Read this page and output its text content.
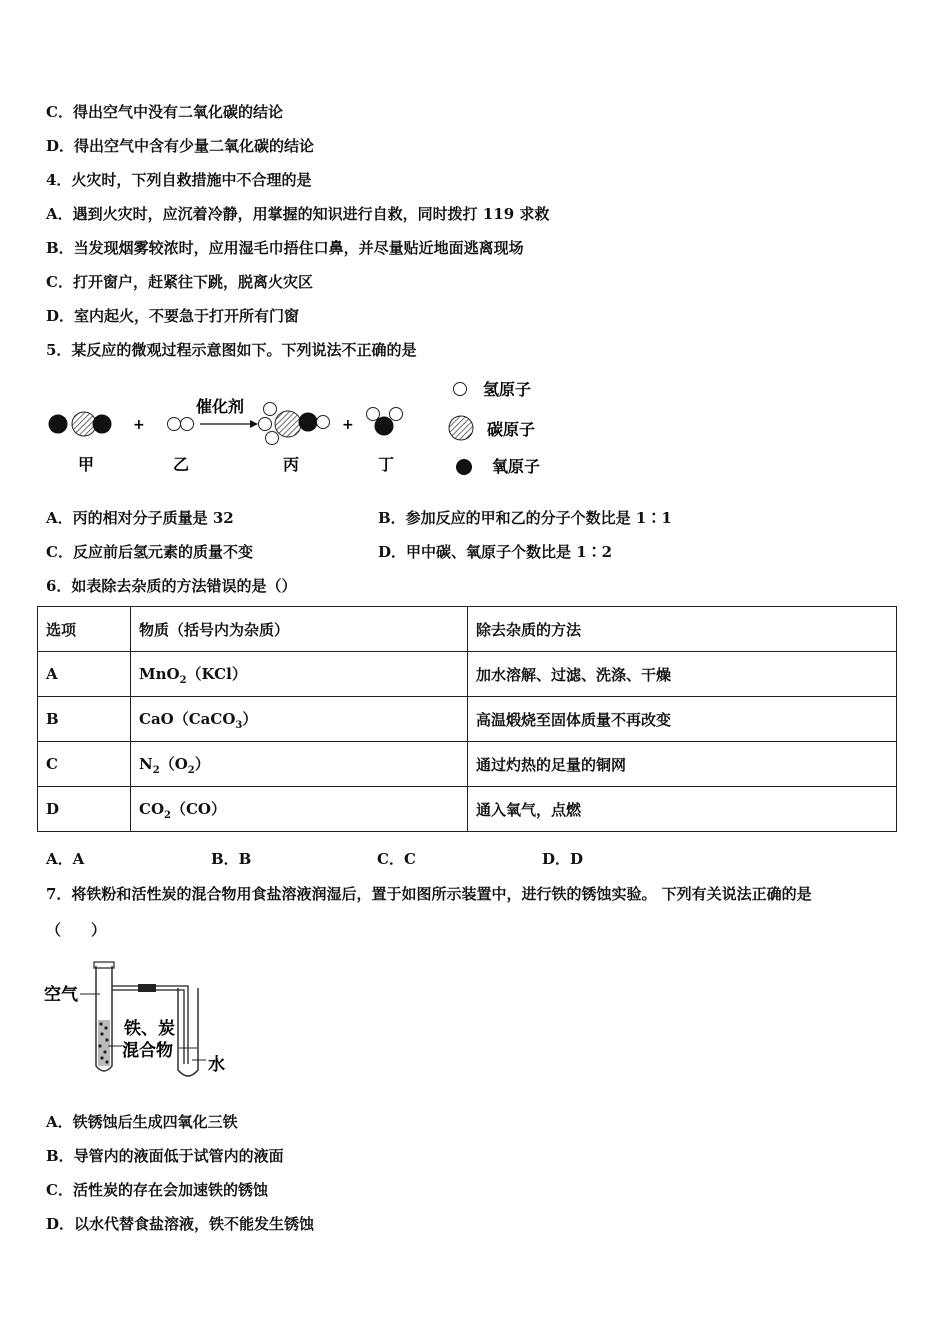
C．得出空气中没有二氧化碳的结论
D．得出空气中含有少量二氧化碳的结论
4．火灾时，下列自救措施中不合理的是
A．遇到火灾时，应沉着冷静，用掌握的知识进行自救，同时拨打 119 求救
B．当发现烟雾较浓时，应用湿毛巾捂住口鼻，并尽量贴近地面逃离现场
C．打开窗户，赶紧往下跳，脱离火灾区
D．室内起火，不要急于打开所有门窗
5．某反应的微观过程示意图如下。下列说法不正确的是
+
催化剂
+
甲	乙	丙	丁
氢原子
碳原子
氧原子
A．丙的相对分子质量是 32	B．参加反应的甲和乙的分子个数比是 1∶1
C．反应前后氢元素的质量不变	D．甲中碳、氧原子个数比是 1∶2
6．如表除去杂质的方法错误的是（）
选项	物质（括号内为杂质）	除去杂质的方法
A	MnO$_2$（KCl）	加水溶解、过滤、洗涤、干燥
B	CaO（CaCO$_3$）	高温煅烧至固体质量不再改变
C	$N_2(O_2)$	通过灼热的足量的铜网
D	$CO_2(CO)$	通入氧气，点燃
A．A	B．B	C．C	D．D
7．将铁粉和活性炭的混合物用食盐溶液润湿后，置于如图所示装置中，进行铁的锈蚀实验。 下列有关说法正确的是
（　　）
空气
铁、炭
混合物
水
A．铁锈蚀后生成四氧化三铁
B．导管内的液面低于试管内的液面
C．活性炭的存在会加速铁的锈蚀
D．以水代替食盐溶液，铁不能发生锈蚀
